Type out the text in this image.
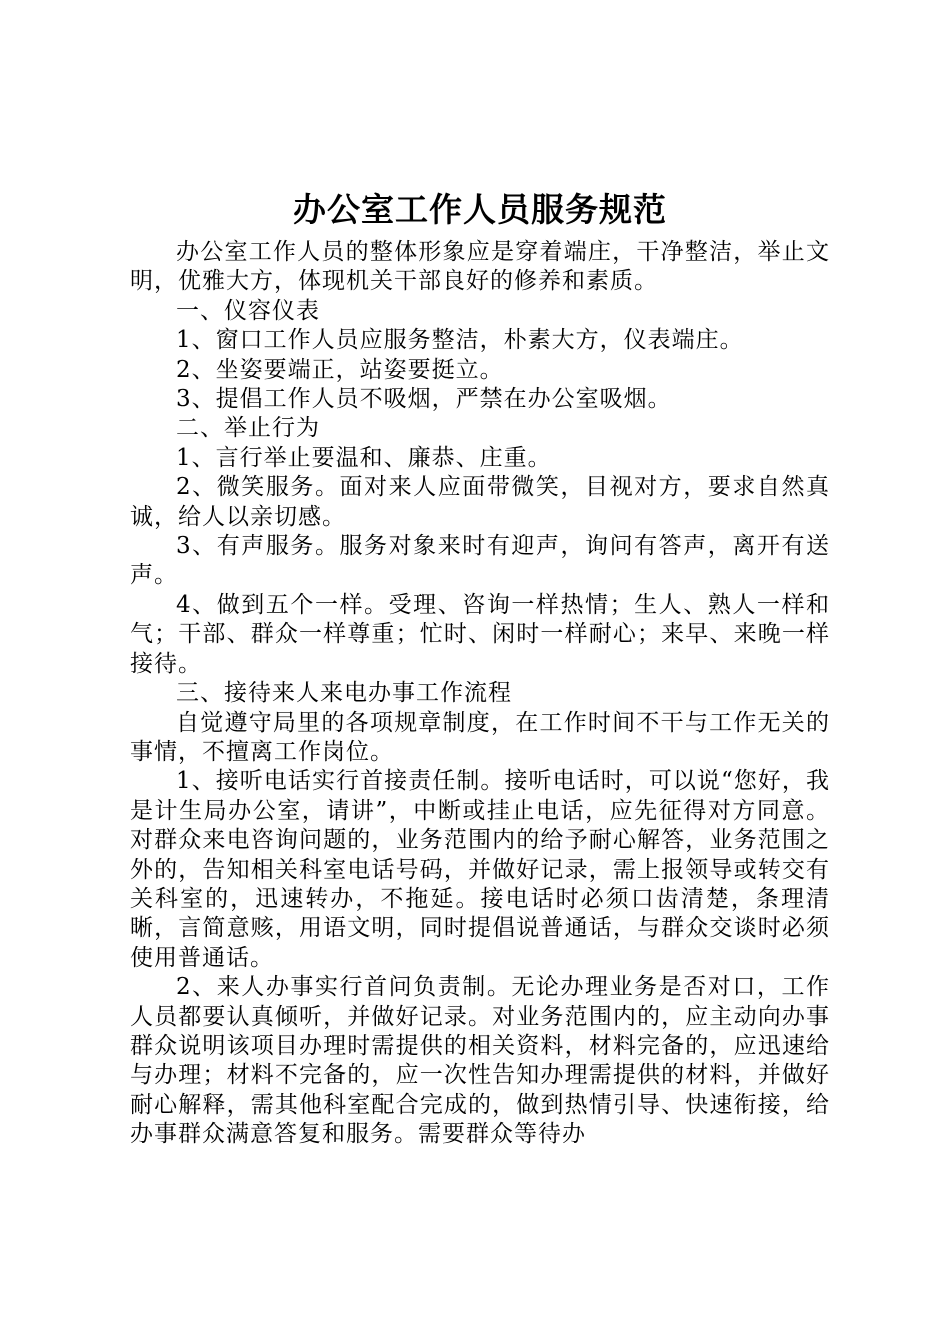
办公室工作人员服务规范

办公室工作人员的整体形象应是穿着端庄，干净整洁，举止文明，优雅大方，体现机关干部良好的修养和素质。

一、仪容仪表

1、窗口工作人员应服务整洁，朴素大方，仪表端庄。

2、坐姿要端正，站姿要挺立。

3、提倡工作人员不吸烟，严禁在办公室吸烟。

二、举止行为

1、言行举止要温和、廉恭、庄重。

2、微笑服务。面对来人应面带微笑，目视对方，要求自然真诚，给人以亲切感。

3、有声服务。服务对象来时有迎声，询问有答声，离开有送声。

4、做到五个一样。受理、咨询一样热情；生人、熟人一样和气；干部、群众一样尊重；忙时、闲时一样耐心；来早、来晚一样接待。

三、接待来人来电办事工作流程

自觉遵守局里的各项规章制度，在工作时间不干与工作无关的事情，不擅离工作岗位。

1、接听电话实行首接责任制。接听电话时，可以说“您好，我是计生局办公室，请讲”，中断或挂止电话，应先征得对方同意。对群众来电咨询问题的，业务范围内的给予耐心解答，业务范围之外的，告知相关科室电话号码，并做好记录，需上报领导或转交有关科室的，迅速转办，不拖延。接电话时必须口齿清楚，条理清晰，言简意赅，用语文明，同时提倡说普通话，与群众交谈时必须使用普通话。

2、来人办事实行首问负责制。无论办理业务是否对口，工作人员都要认真倾听，并做好记录。对业务范围内的，应主动向办事群众说明该项目办理时需提供的相关资料，材料完备的，应迅速给与办理；材料不完备的，应一次性告知办理需提供的材料，并做好耐心解释，需其他科室配合完成的，做到热情引导、快速衔接，给办事群众满意答复和服务。需要群众等待办
